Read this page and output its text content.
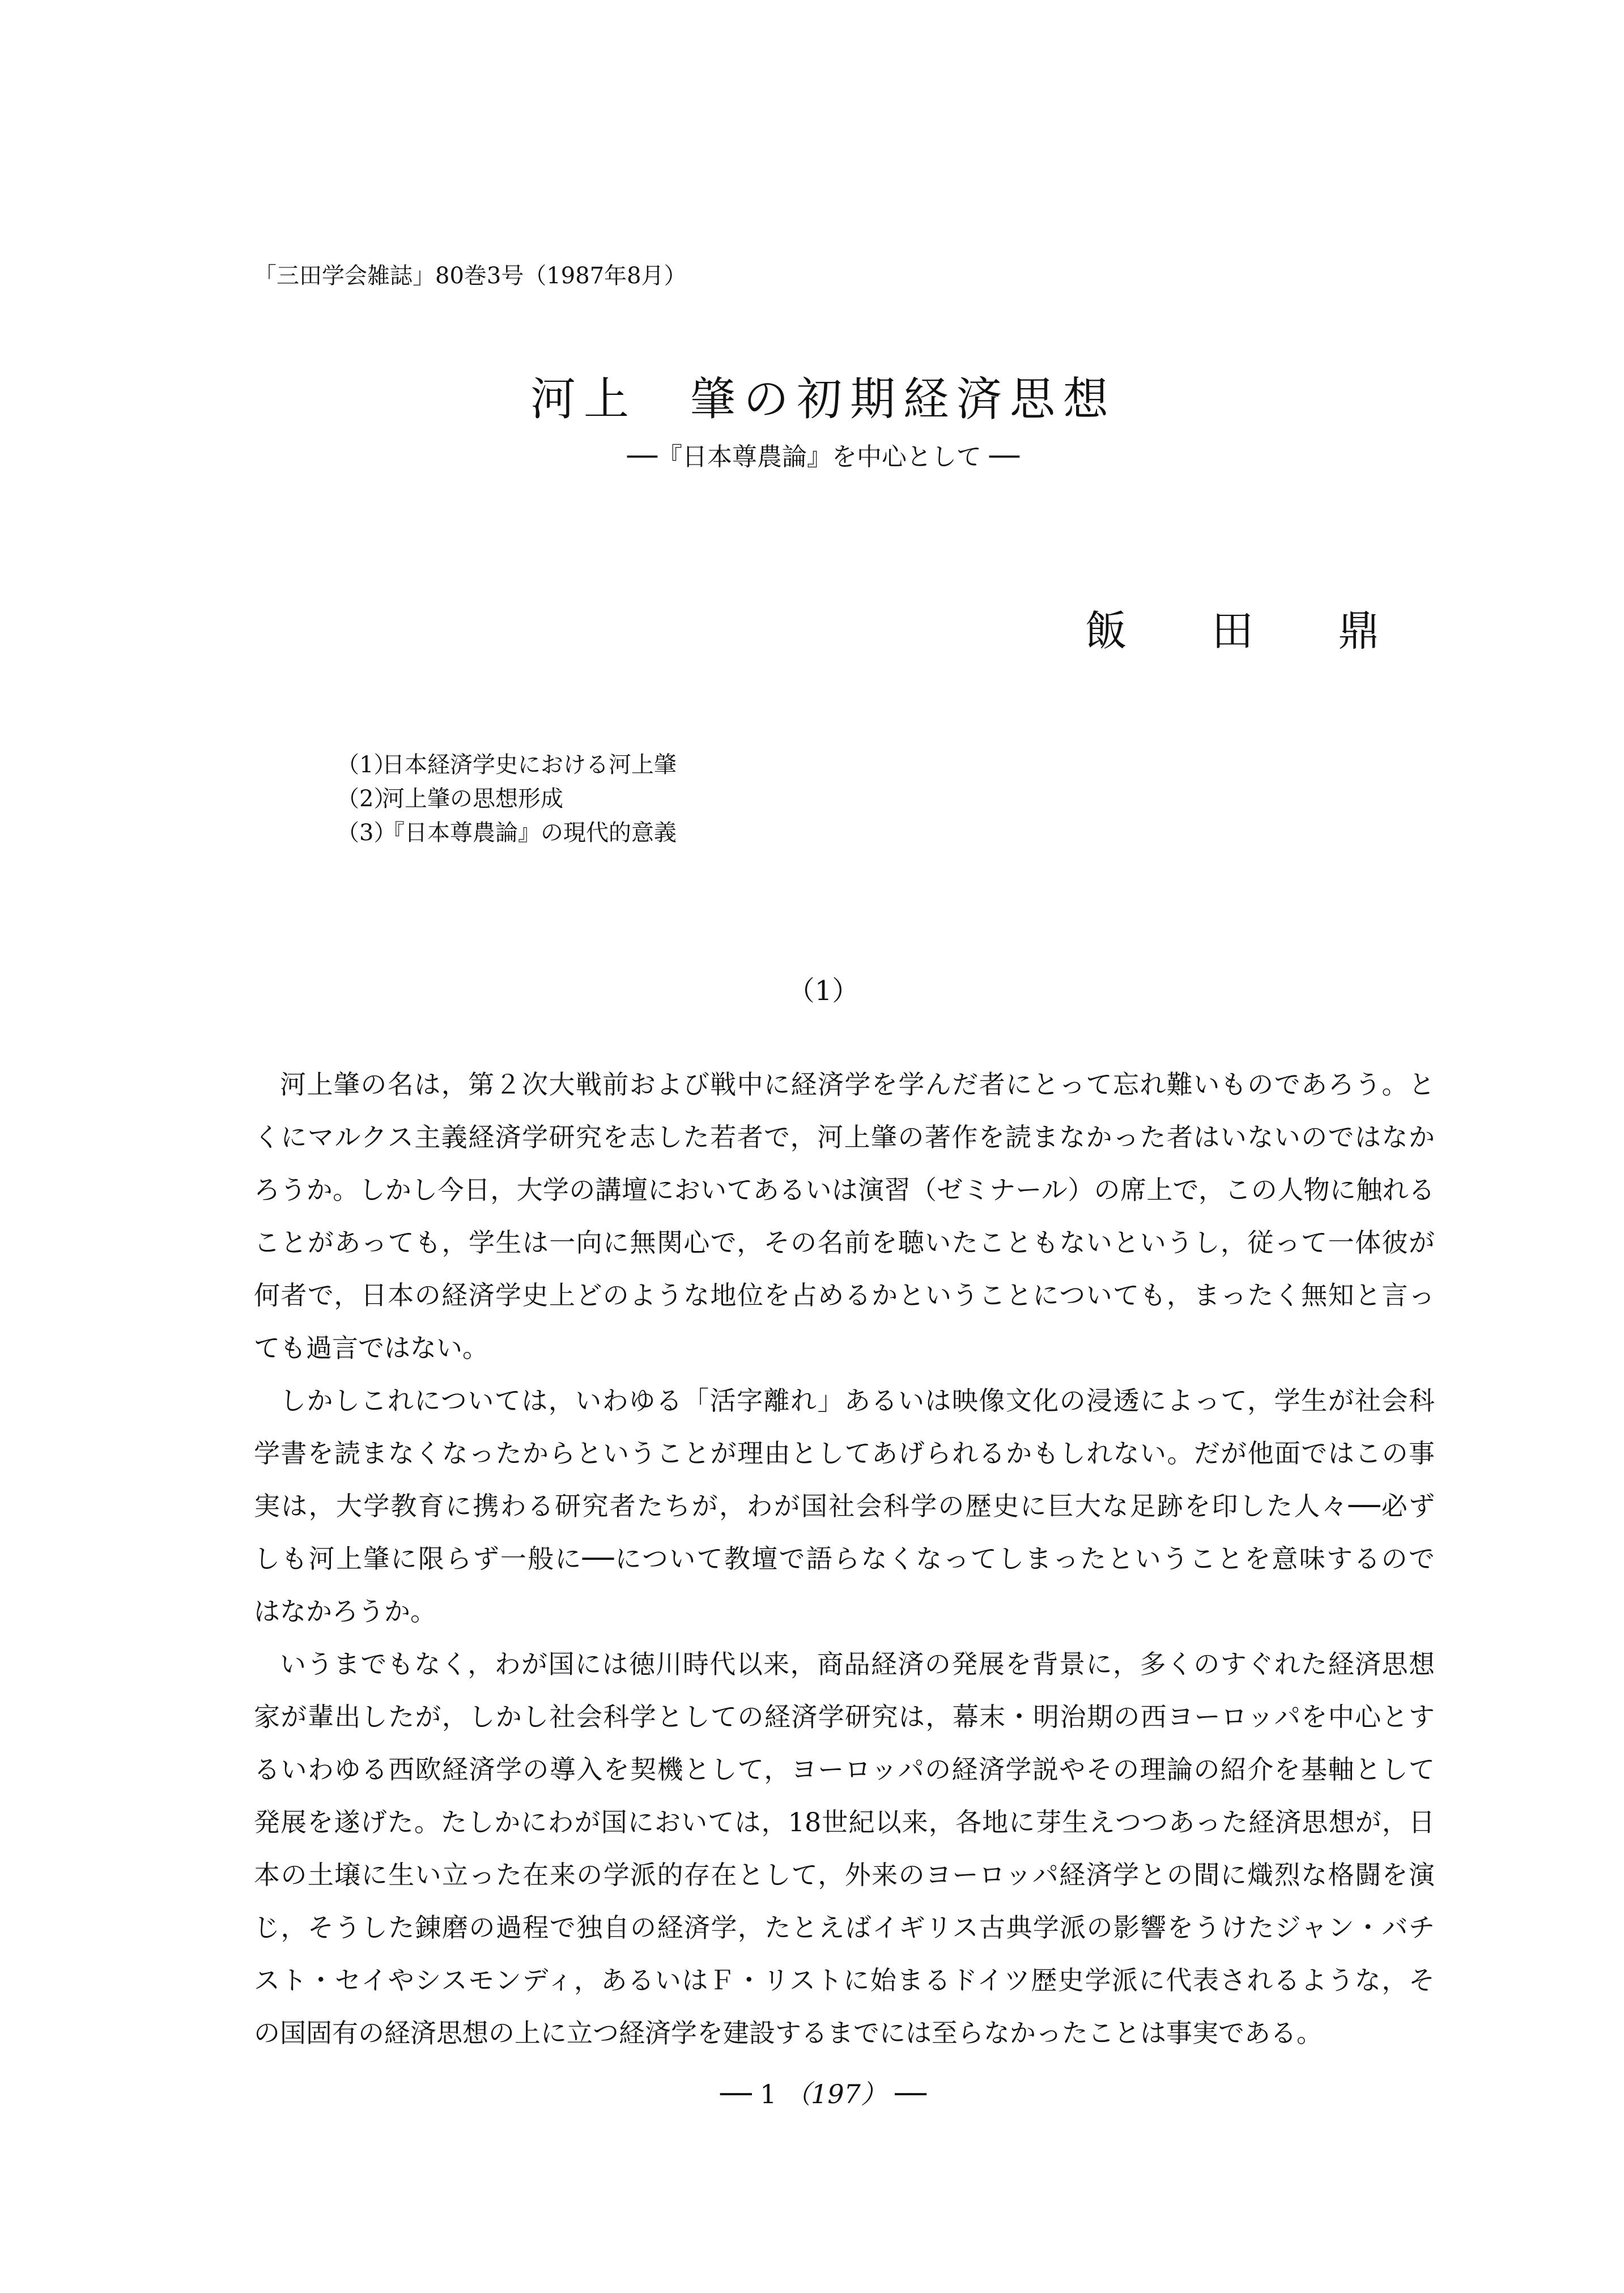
「三田学会雑誌」80巻3号（1987年8月）
河上　肇の初期経済思想
──『日本尊農論』を中心として ──
飯 田 鼎
（1）日本経済学史における河上肇
（2）河上肇の思想形成
（3）『日本尊農論』の現代的意義
（1）
河上肇の名は，第２次大戦前および戦中に経済学を学んだ者にとって忘れ難いものであろう。と
くにマルクス主義経済学研究を志した若者で，河上肇の著作を読まなかった者はいないのではなか
ろうか。しかし今日，大学の講壇においてあるいは演習（ゼミナール）の席上で，この人物に触れる
ことがあっても，学生は一向に無関心で，その名前を聴いたこともないというし，従って一体彼が
何者で，日本の経済学史上どのような地位を占めるかということについても，まったく無知と言っ
ても過言ではない。
しかしこれについては，いわゆる「活字離れ」あるいは映像文化の浸透によって，学生が社会科
学書を読まなくなったからということが理由としてあげられるかもしれない。だが他面ではこの事
実は，大学教育に携わる研究者たちが，わが国社会科学の歴史に巨大な足跡を印した人々──必ず
しも河上肇に限らず一般に──について教壇で語らなくなってしまったということを意味するので
はなかろうか。
いうまでもなく，わが国には徳川時代以来，商品経済の発展を背景に，多くのすぐれた経済思想
家が輩出したが，しかし社会科学としての経済学研究は，幕末・明治期の西ヨーロッパを中心とす
るいわゆる西欧経済学の導入を契機として，ヨーロッパの経済学説やその理論の紹介を基軸として
発展を遂げた。たしかにわが国においては，18世紀以来，各地に芽生えつつあった経済思想が，日
本の土壌に生い立った在来の学派的存在として，外来のヨーロッパ経済学との間に熾烈な格闘を演
じ，そうした錬磨の過程で独自の経済学，たとえばイギリス古典学派の影響をうけたジャン・バチ
スト・セイやシスモンディ，あるいはＦ・リストに始まるドイツ歴史学派に代表されるような，そ
の国固有の経済思想の上に立つ経済学を建設するまでには至らなかったことは事実である。
── 1 （197） ──
